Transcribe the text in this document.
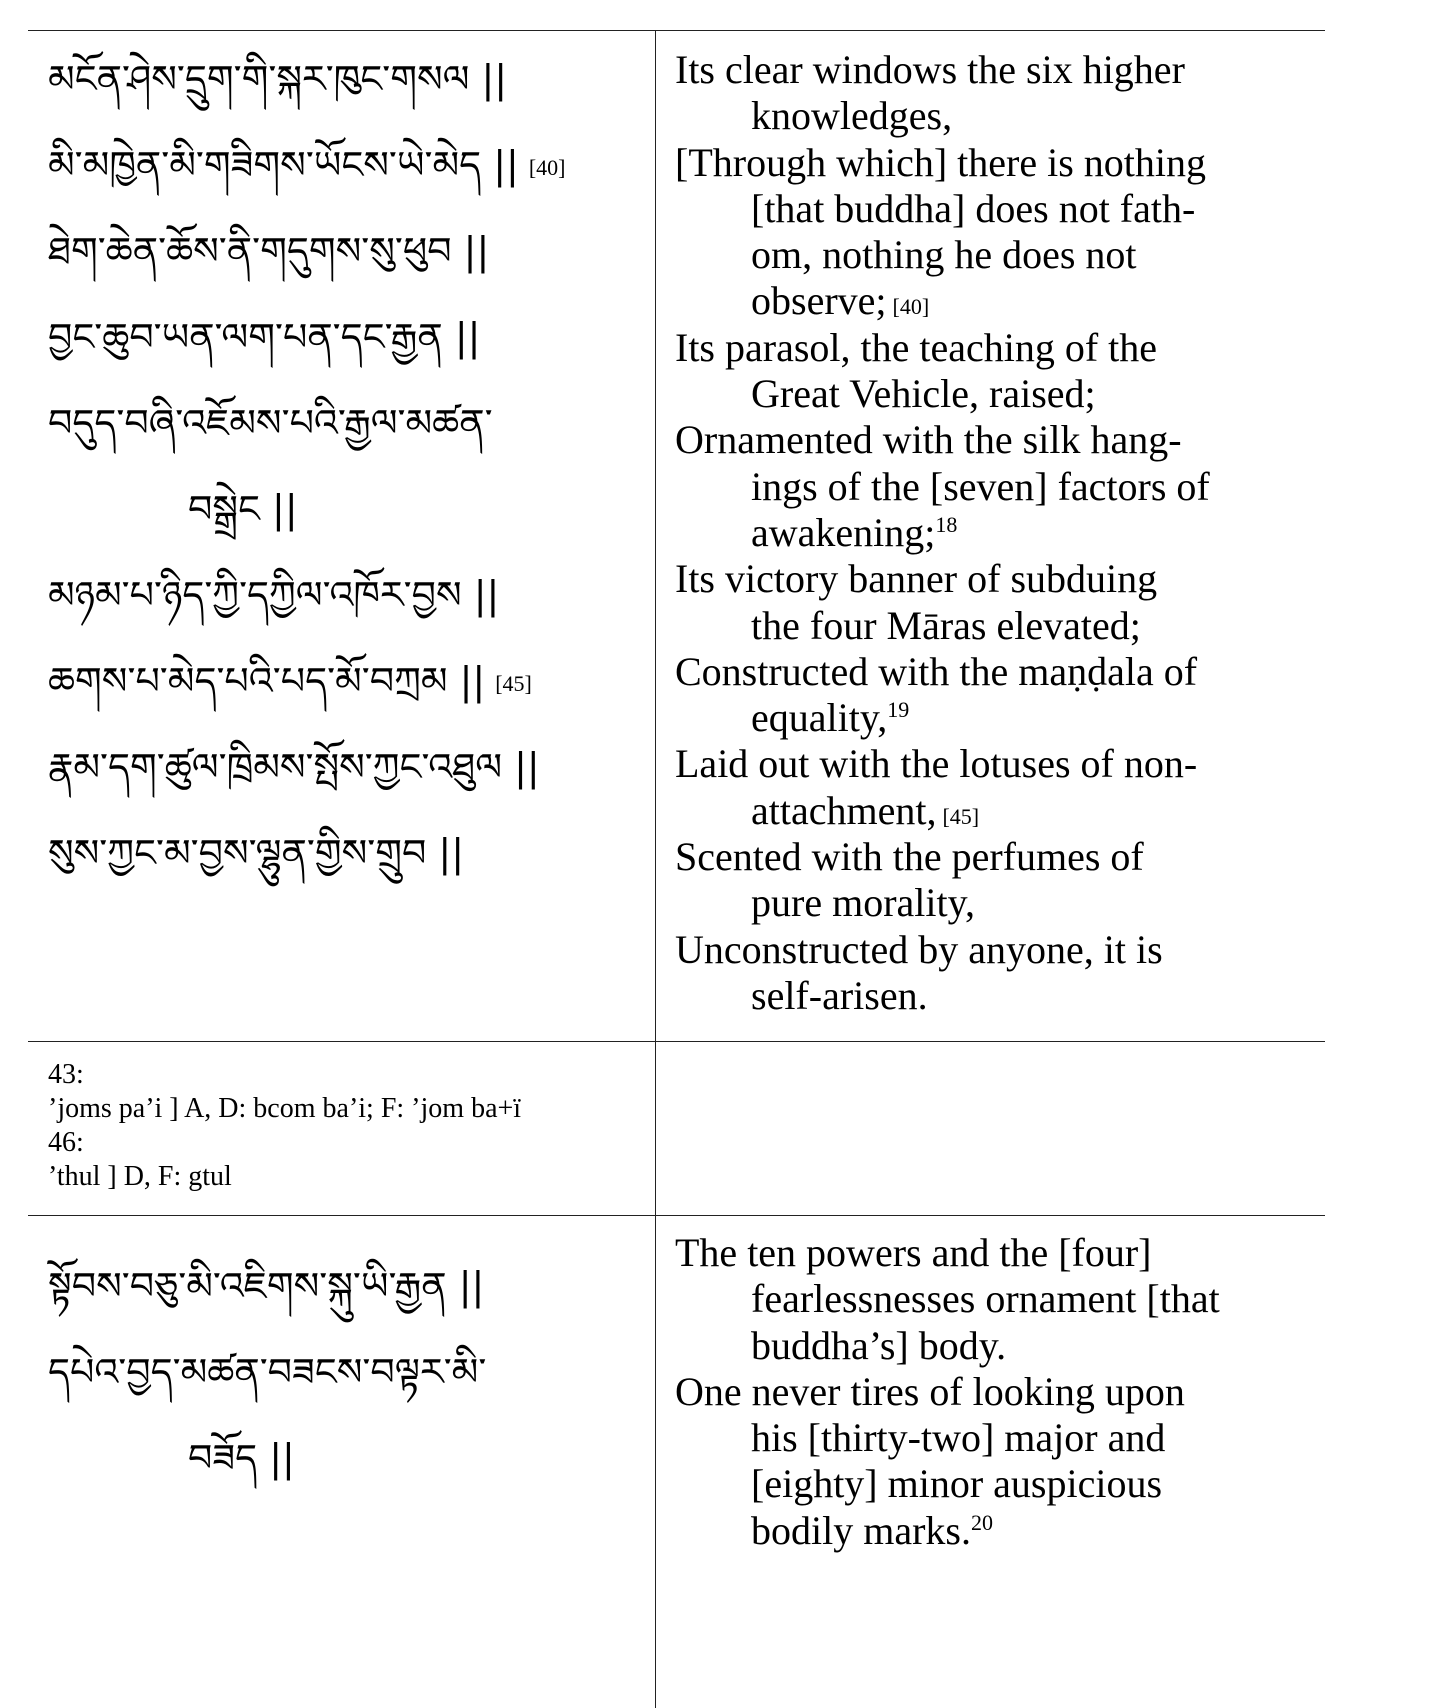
མངོན་ཤེས་དྲུག་གི་སྐར་ཁུང་གསལ ||
མི་མཁྱེན་མི་གཟིགས་ཡོངས་ཡེ་མེད || [40]
ཐེག་ཆེན་ཆོས་ནི་གདུགས་སུ་ཕུབ ||
བྱང་ཆུབ་ཡན་ལག་པན་དང་རྒྱན ||
བདུད་བཞི་འཇོམས་པའི་རྒྱལ་མཚན་
བསྒྲེང ||
མཉམ་པ་ཉིད་ཀྱི་དཀྱིལ་འཁོར་བྱས ||
ཆགས་པ་མེད་པའི་པད་མོ་བཀྲམ || [45]
རྣམ་དག་ཚུལ་ཁྲིམས་སྤོས་ཀྱང་འཐུལ ||
སུས་ཀྱང་མ་བྱས་ལྷུན་གྱིས་གྲུབ ||
Its clear windows the six higher
knowledges,
[Through which] there is nothing
[that buddha] does not fath-
om, nothing he does not
observe; [40]
Its parasol, the teaching of the
Great Vehicle, raised;
Ornamented with the silk hang-
ings of the [seven] factors of
awakening;$^{18}$
Its victory banner of subduing
the four Māras elevated;
Constructed with the maṇḍala of
equality,$^{19}$
Laid out with the lotuses of non-
attachment, [45]
Scented with the perfumes of
pure morality,
Unconstructed by anyone, it is
self-arisen.
43:
’joms pa’i ] A, D: bcom ba’i; F: ’jom ba+ï
46:
’thul ] D, F: gtul
སྟོབས་བཅུ་མི་འཇིགས་སྐུ་ཡི་རྒྱན ||
དཔེའ་བྱད་མཚན་བཟངས་བལྟར་མི་
བཟོད ||
The ten powers and the [four]
fearlessnesses ornament [that
buddha’s] body.
One never tires of looking upon
his [thirty-two] major and
[eighty] minor auspicious
bodily marks.$^{20}$
